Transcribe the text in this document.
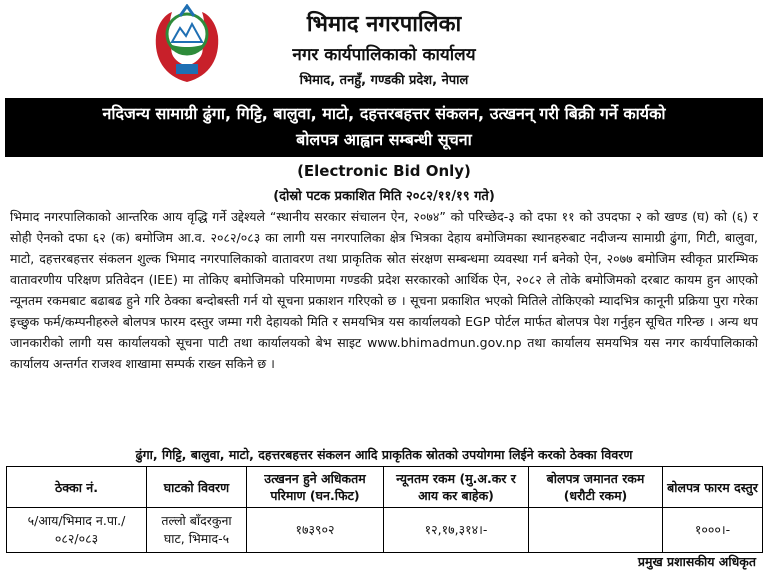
भिमाद नगरपालिका
नगर कार्यपालिकाको कार्यालय
भिमाद, तनहुँ, गण्डकी प्रदेश, नेपाल
नदिजन्य सामाग्री ढुंगा, गिट्टि, बालुवा, माटो, दहत्तरबहत्तर संकलन, उत्खनन् गरी बिक्री गर्ने कार्यको
बोलपत्र आह्वान सम्बन्धी सूचना
(Electronic Bid Only)
(दोस्रो पटक प्रकाशित मिति २०८२/११/१९ गते)
भिमाद नगरपालिकाको आन्तरिक आय वृद्धि गर्ने उद्देश्यले “स्थानीय सरकार संचालन ऐन, २०७४” को परिच्छेद-३ को दफा ११ को उपदफा २ को खण्ड (घ) को (६) र सोही ऐनको दफा ६२ (क) बमोजिम आ.व. २०८२/०८३ का लागी यस नगरपालिका क्षेत्र भित्रका देहाय बमोजिमका स्थानहरुबाट नदीजन्य सामाग्री ढुंगा, गिटी, बालुवा, माटो, दहत्तरबहत्तर संकलन शुल्क भिमाद नगरपालिकाको वातावरण तथा प्राकृतिक स्रोत संरक्षण सम्बन्धमा व्यवस्था गर्न बनेको ऐन, २०७७ बमोजिम स्वीकृत प्रारम्भिक वातावरणीय परिक्षण प्रतिवेदन (IEE) मा तोकिए बमोजिमको परिमाणमा गण्डकी प्रदेश सरकारको आर्थिक ऐन, २०८२ ले तोके बमोजिमको दरबाट कायम हुन आएको न्यूनतम रकमबाट बढाबढ हुने गरि ठेक्का बन्दोबस्ती गर्न यो सूचना प्रकाशन गरिएको छ । सूचना प्रकाशित भएको मितिले तोकिएको म्यादभित्र कानूनी प्रक्रिया पुरा गरेका इच्छुक फर्म/कम्पनीहरुले बोलपत्र फारम दस्तुर जम्मा गरी देहायको मिति र समयभित्र यस कार्यालयको EGP पोर्टल मार्फत बोलपत्र पेश गर्नुहन सूचित गरिन्छ । अन्य थप जानकारीको लागी यस कार्यालयको सूचना पाटी तथा कार्यालयको बेभ साइट www.bhimadmun.gov.np तथा कार्यालय समयभित्र यस नगर कार्यपालिकाको कार्यालय अन्तर्गत राजश्व शाखामा सम्पर्क राख्न सकिने छ ।
ढुंगा, गिट्टि, बालुवा, माटो, दहत्तरबहत्तर संकलन आदि प्राकृतिक स्रोतको उपयोगमा लिईने करको ठेक्का विवरण
ठेक्का नं.	घाटको विवरण	उत्खनन हुने अधिकतम परिमाण (घन.फिट)	न्यूनतम रकम (मु.अ.कर र आय कर बाहेक)	बोलपत्र जमानत रकम (धरौटी रकम)	बोलपत्र फारम दस्तुर
५/आय/भिमाद न.पा./०८२/०८३	तल्लो बाँदरकुना घाट, भिमाद-५	१७३९०२	१२,१७,३१४।-		१०००।-
प्रमुख प्रशासकीय अधिकृत
